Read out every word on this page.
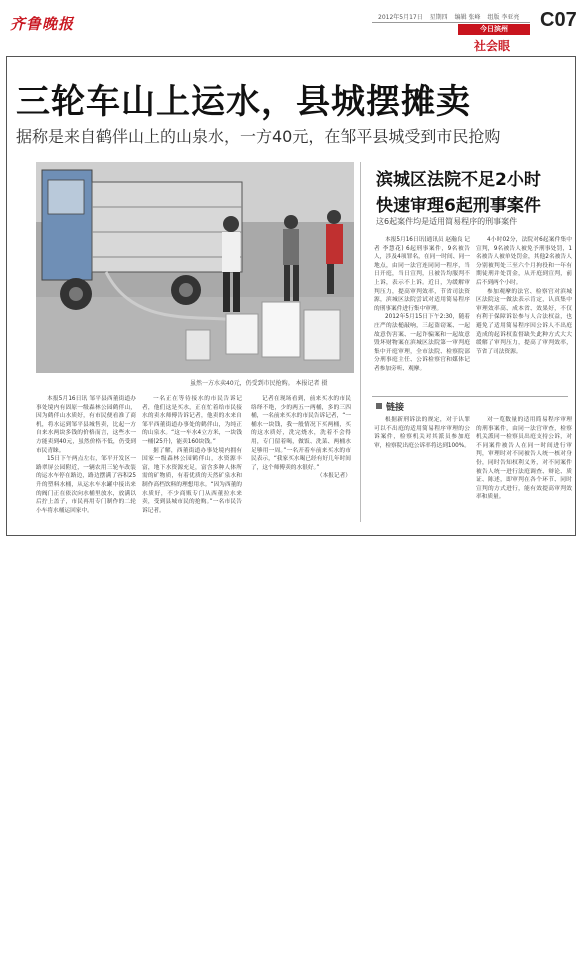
齐鲁晚报	2012年5月17日 星期四 编辑 张峰 组版 李亚亮 C07
今日滨州
社会眼
三轮车山上运水，县城摆摊卖
据称是来自鹤伴山上的山泉水，一方40元，在邹平县城受到市民抢购
虽然一方水卖40元，仍受到市民抢购。 本报记者 摄

本报5月16日讯 邹平县西董街道办事处境内有固原一级森林公园鹤伴山，因为鹤伴山水质好，有市民便看准了商机，将水运到邹平县城售卖，比起一方自来水两块多钱的价格而言，这些水一方能卖到40元，虽然价格不低，仍受到市民青睐。

15日下午两点左右，邹平开发区一路翠屏公园附近，一辆农用三轮车改装的运水车停在路边，路边摆满了容积25升的塑料水桶，从运水车水罐中接出来的阀门正在依次向水桶里放水，放满以后拧上盖子，市民再用专门制作的二轮小车将水桶运回家中。

一名正在等待接水的市民告诉记者，他们这是买水，正在忙着给市民接水的卖水师傅告诉记者，他卖的水来自邹平西董街道办事处的鹤伴山，为纯正的山泉水。“这一车水4立方米，一块钱一桶(25升)，能卖160块钱。”

据了解，西董街道办事处境内拥有国家一级森林公园鹤伴山，水资源丰富，地下水资源充足，富含多种人体所需的矿物质，有着优质的天然矿泉水和制作高档饮料的理想用水。“因为西董的水质好，不少商贩专门从西董拉水来卖，受到县城市民的抢购。”一名市民告诉记者。

记者在现场看到，前来买水的市民络绎不绝，少的两五一两桶，多的三四桶，一名前来买水的市民告诉记者，“一桶水一块钱，我一般情况下买两桶，买的这水质好，洗完烧水，洗着不会得用，专门留着喝，做饭、洗菜、两桶水足够用一周。”一名开着车前来买水的市民表示，“我家买水喝已经有好几年时间了，这个师傅卖的水很好。”

（本报记者）

滨城区法院不足2小时
快速审理6起刑事案件
这6起案件均是适用简易程序的刑事案件

本报5月16日讯(通讯员 赵瀚良 记者 李慧花) 6起刑事案件，9名被告人，涉及4项罪名，在同一时间、同一地点，由同一法官连同同一程序，当日开庭，当日宣判，且被告均服判不上诉，表示不上诉。近日，为缓解审判压力，提高审判效率，节省司法资源，滨城区法院尝试对适用简易程序的刑事案件进行集中审理。

2012年5月15日下午2:30，随着庄严的法槌敲响，三起盗窃案、一起故意伤害案、一起诈骗案和一起故意毁坏财物案在滨城区法院第一审判庭集中开庭审理，全市法院、检察院部分刑事庭主任、公诉检察官和媒体记者参加旁听、观摩。

4小时02分，法院对6起案件集中宣判，9名被告人被免予刑事处罚，1名被告人被单处罚金，其他2名被告人分别被判处三至六个月拘役和一年有期徒刑并处罚金，从开庭到宣判，前后不到两个小时。

参加观摩的法官、检察官对滨城区法院这一做法表示肯定，认真集中审理效率高、成本省、效果好，不仅有利于保障诉讼参与人合法权益，也避免了适用简易程序因公诉人不出庭造成的起诉权监督缺失此种方式大大缓解了审判压力，提高了审判效率，节省了司法资源。

链接

根据新刑诉法的规定，对于认罪可以不出庭的适用简易程序审理的公诉案件，检察机关对其派员参加庭审，检察院出庭公诉率将达到100%。

对一览数量的适用简易程序审理的刑事案件，由同一法官审查，检察机关派同一检察员出庭支持公诉，对不同案件被告人在同一时间进行审判，审理时对不同被告人统一核对身份，同时告知权利义务，对不同案件被告人统一进行法庭调查、辩论、质证、陈述，即审判在各个环节、同时宣判的方式进行，能有效提高审判效率和质量。
